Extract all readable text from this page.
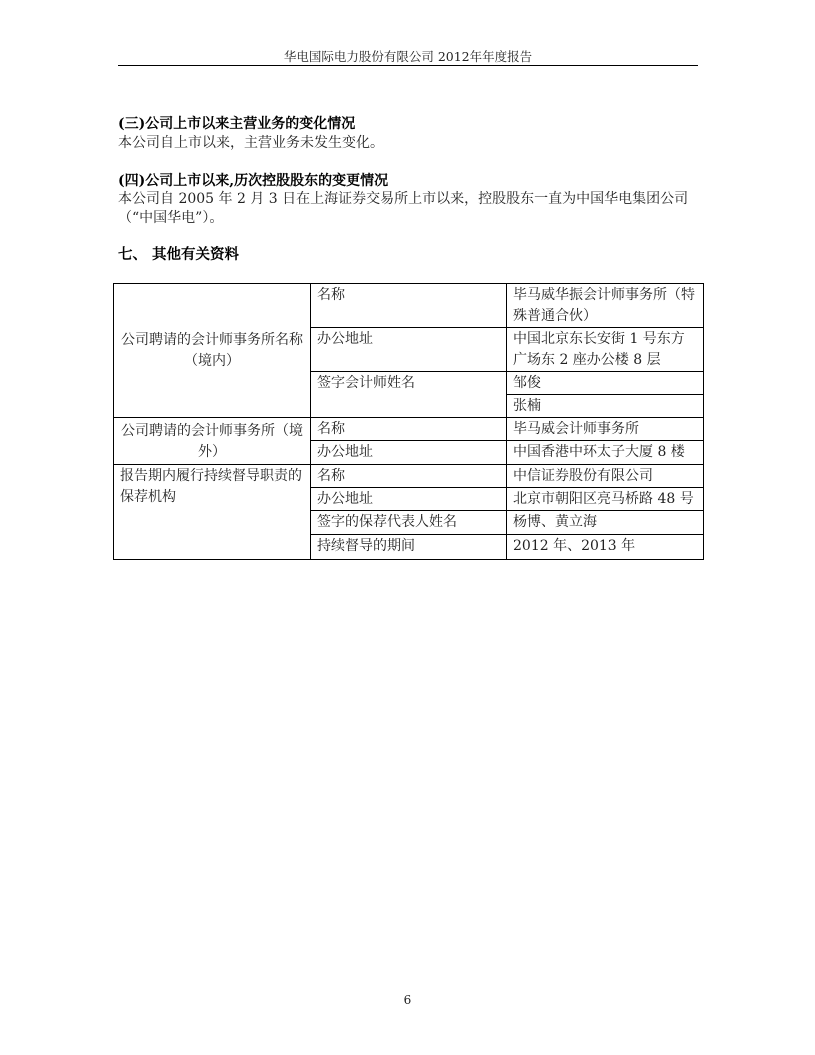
华电国际电力股份有限公司 2012年年度报告
(三)公司上市以来主营业务的变化情况
本公司自上市以来，主营业务未发生变化。
(四)公司上市以来,历次控股股东的变更情况
本公司自 2005 年 2 月 3 日在上海证券交易所上市以来，控股股东一直为中国华电集团公司（“中国华电”）。
七、 其他有关资料
公司聘请的会计师事务所名称（境内）	名称	毕马威华振会计师事务所（特殊普通合伙）
	办公地址	中国北京东长安街 1 号东方广场东 2 座办公楼 8 层
	签字会计师姓名	邹俊
		张楠
公司聘请的会计师事务所（境外）	名称	毕马威会计师事务所
	办公地址	中国香港中环太子大厦 8 楼
报告期内履行持续督导职责的保荐机构	名称	中信证券股份有限公司
	办公地址	北京市朝阳区亮马桥路 48 号
	签字的保荐代表人姓名	杨博、黄立海
	持续督导的期间	2012 年、2013 年
6
